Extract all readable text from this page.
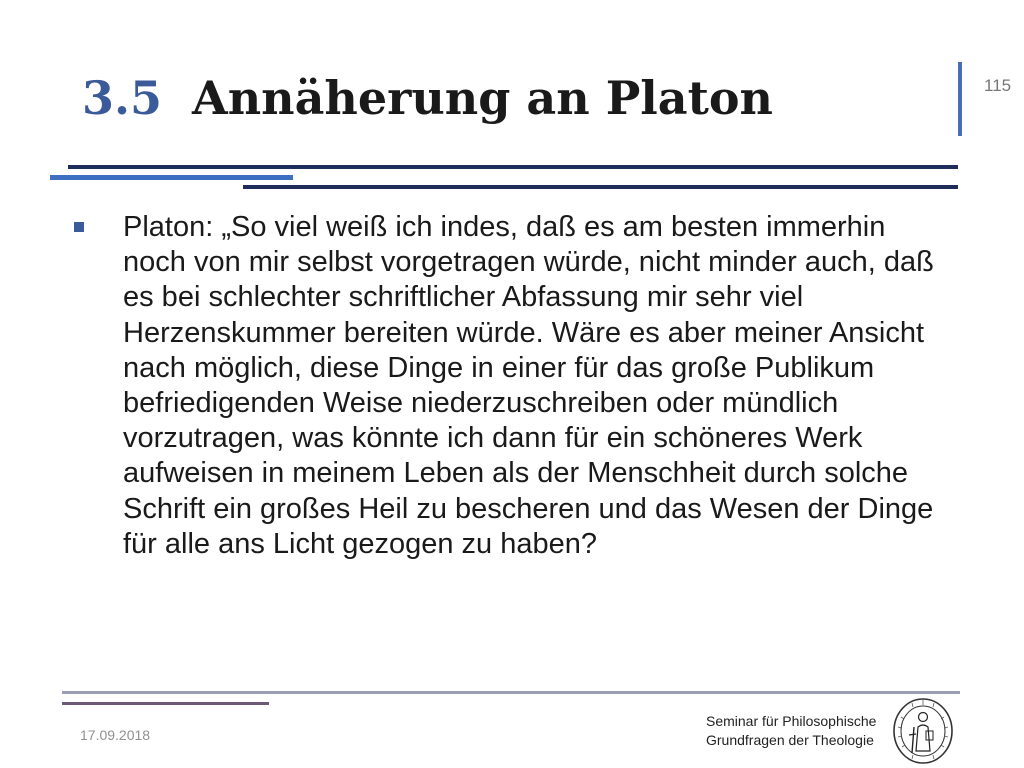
3.5 Annäherung an Platon	115

Platon: „So viel weiß ich indes, daß es am besten immerhin noch von mir selbst vorgetragen würde, nicht minder auch, daß es bei schlechter schriftlicher Abfassung mir sehr viel Herzenskummer bereiten würde. Wäre es aber meiner Ansicht nach möglich, diese Dinge in einer für das große Publikum befriedigenden Weise niederzuschreiben oder mündlich vorzutragen, was könnte ich dann für ein schöneres Werk aufweisen in meinem Leben als der Menschheit durch solche Schrift ein großes Heil zu bescheren und das Wesen der Dinge für alle ans Licht gezogen zu haben?

17.09.2018
Seminar für Philosophische
Grundfragen der Theologie
